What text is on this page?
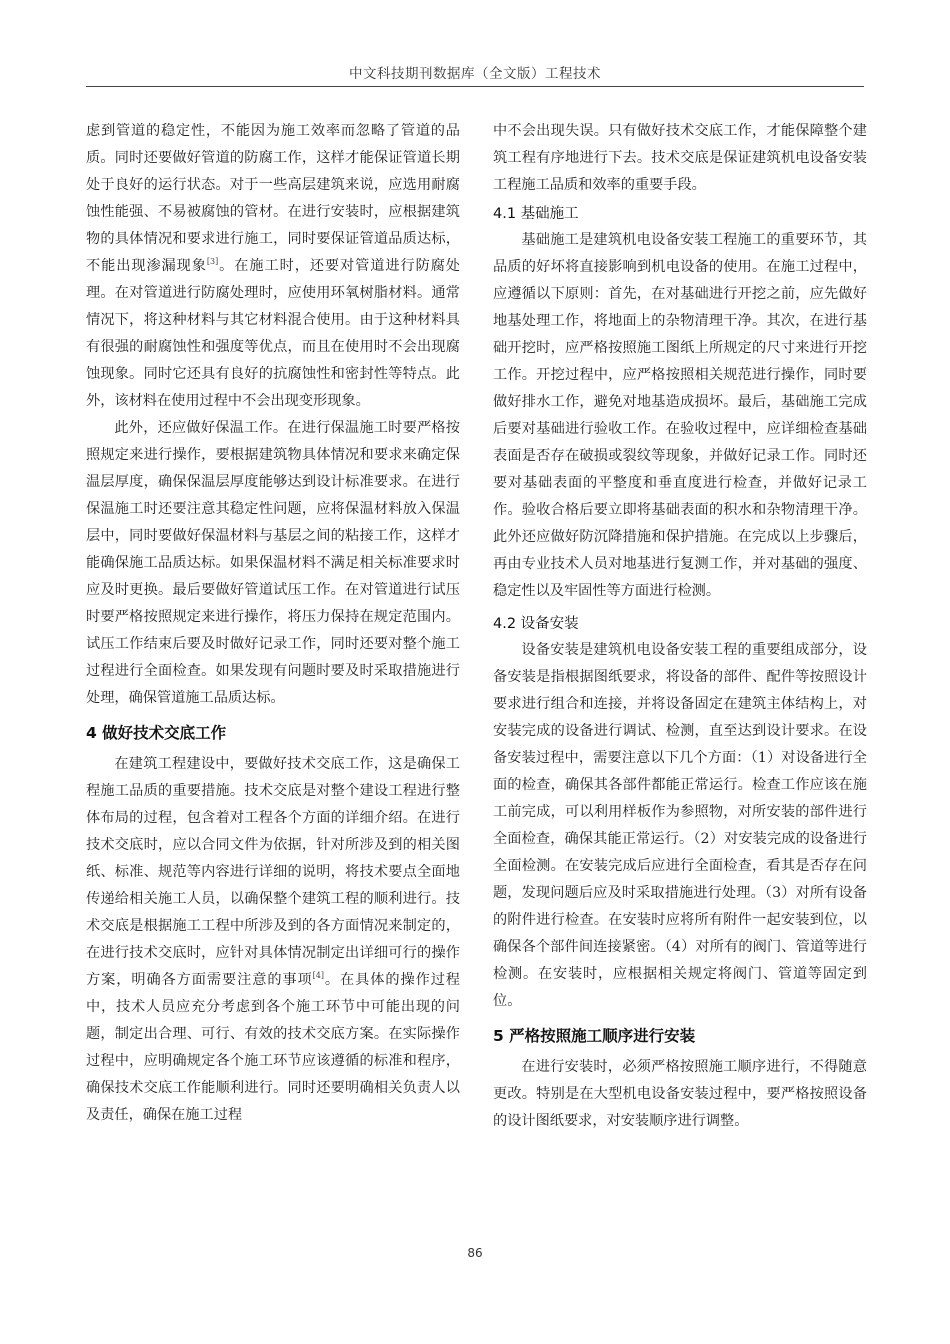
中文科技期刊数据库（全文版）工程技术

虑到管道的稳定性，不能因为施工效率而忽略了管道的品质。同时还要做好管道的防腐工作，这样才能保证管道长期处于良好的运行状态。对于一些高层建筑来说，应选用耐腐蚀性能强、不易被腐蚀的管材。在进行安装时，应根据建筑物的具体情况和要求进行施工，同时要保证管道品质达标，不能出现渗漏现象[3]。在施工时，还要对管道进行防腐处理。在对管道进行防腐处理时，应使用环氧树脂材料。通常情况下，将这种材料与其它材料混合使用。由于这种材料具有很强的耐腐蚀性和强度等优点，而且在使用时不会出现腐蚀现象。同时它还具有良好的抗腐蚀性和密封性等特点。此外，该材料在使用过程中不会出现变形现象。

此外，还应做好保温工作。在进行保温施工时要严格按照规定来进行操作，要根据建筑物具体情况和要求来确定保温层厚度，确保保温层厚度能够达到设计标准要求。在进行保温施工时还要注意其稳定性问题，应将保温材料放入保温层中，同时要做好保温材料与基层之间的粘接工作，这样才能确保施工品质达标。如果保温材料不满足相关标准要求时应及时更换。最后要做好管道试压工作。在对管道进行试压时要严格按照规定来进行操作，将压力保持在规定范围内。试压工作结束后要及时做好记录工作，同时还要对整个施工过程进行全面检查。如果发现有问题时要及时采取措施进行处理，确保管道施工品质达标。

4 做好技术交底工作

在建筑工程建设中，要做好技术交底工作，这是确保工程施工品质的重要措施。技术交底是对整个建设工程进行整体布局的过程，包含着对工程各个方面的详细介绍。在进行技术交底时，应以合同文件为依据，针对所涉及到的相关图纸、标准、规范等内容进行详细的说明，将技术要点全面地传递给相关施工人员，以确保整个建筑工程的顺利进行。技术交底是根据施工工程中所涉及到的各方面情况来制定的，在进行技术交底时，应针对具体情况制定出详细可行的操作方案，明确各方面需要注意的事项[4]。在具体的操作过程中，技术人员应充分考虑到各个施工环节中可能出现的问题，制定出合理、可行、有效的技术交底方案。在实际操作过程中，应明确规定各个施工环节应该遵循的标准和程序，确保技术交底工作能顺利进行。同时还要明确相关负责人以及责任，确保在施工过程

中不会出现失误。只有做好技术交底工作，才能保障整个建筑工程有序地进行下去。技术交底是保证建筑机电设备安装工程施工品质和效率的重要手段。

4.1 基础施工

基础施工是建筑机电设备安装工程施工的重要环节，其品质的好坏将直接影响到机电设备的使用。在施工过程中，应遵循以下原则：首先，在对基础进行开挖之前，应先做好地基处理工作，将地面上的杂物清理干净。其次，在进行基础开挖时，应严格按照施工图纸上所规定的尺寸来进行开挖工作。开挖过程中，应严格按照相关规范进行操作，同时要做好排水工作，避免对地基造成损坏。最后，基础施工完成后要对基础进行验收工作。在验收过程中，应详细检查基础表面是否存在破损或裂纹等现象，并做好记录工作。同时还要对基础表面的平整度和垂直度进行检查，并做好记录工作。验收合格后要立即将基础表面的积水和杂物清理干净。此外还应做好防沉降措施和保护措施。在完成以上步骤后，再由专业技术人员对地基进行复测工作，并对基础的强度、稳定性以及牢固性等方面进行检测。

4.2 设备安装

设备安装是建筑机电设备安装工程的重要组成部分，设备安装是指根据图纸要求，将设备的部件、配件等按照设计要求进行组合和连接，并将设备固定在建筑主体结构上，对安装完成的设备进行调试、检测，直至达到设计要求。在设备安装过程中，需要注意以下几个方面：（1）对设备进行全面的检查，确保其各部件都能正常运行。检查工作应该在施工前完成，可以利用样板作为参照物，对所安装的部件进行全面检查，确保其能正常运行。（2）对安装完成的设备进行全面检测。在安装完成后应进行全面检查，看其是否存在问题，发现问题后应及时采取措施进行处理。（3）对所有设备的附件进行检查。在安装时应将所有附件一起安装到位，以确保各个部件间连接紧密。（4）对所有的阀门、管道等进行检测。在安装时，应根据相关规定将阀门、管道等固定到位。

5 严格按照施工顺序进行安装

在进行安装时，必须严格按照施工顺序进行，不得随意更改。特别是在大型机电设备安装过程中，要严格按照设备的设计图纸要求，对安装顺序进行调整。

86
